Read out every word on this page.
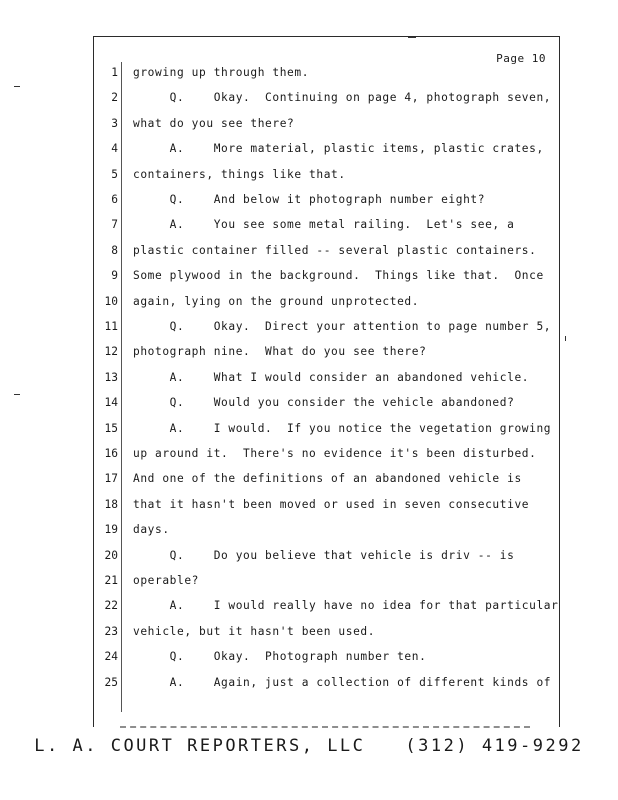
Page 10
1 growing up through them.
2 Q.    Okay.  Continuing on page 4, photograph seven,
3 what do you see there?
4 A.    More material, plastic items, plastic crates,
5 containers, things like that.
6 Q.    And below it photograph number eight?
7 A.    You see some metal railing.  Let's see, a
8 plastic container filled -- several plastic containers.
9 Some plywood in the background.  Things like that.  Once
10 again, lying on the ground unprotected.
11 Q.    Okay.  Direct your attention to page number 5,
12 photograph nine.  What do you see there?
13 A.    What I would consider an abandoned vehicle.
14 Q.    Would you consider the vehicle abandoned?
15 A.    I would.  If you notice the vegetation growing
16 up around it.  There's no evidence it's been disturbed.
17 And one of the definitions of an abandoned vehicle is
18 that it hasn't been moved or used in seven consecutive
19 days.
20 Q.    Do you believe that vehicle is driv -- is
21 operable?
22 A.    I would really have no idea for that particular
23 vehicle, but it hasn't been used.
24 Q.    Okay.  Photograph number ten.
25 A.    Again, just a collection of different kinds of
L. A. COURT REPORTERS, LLC (312) 419-9292
